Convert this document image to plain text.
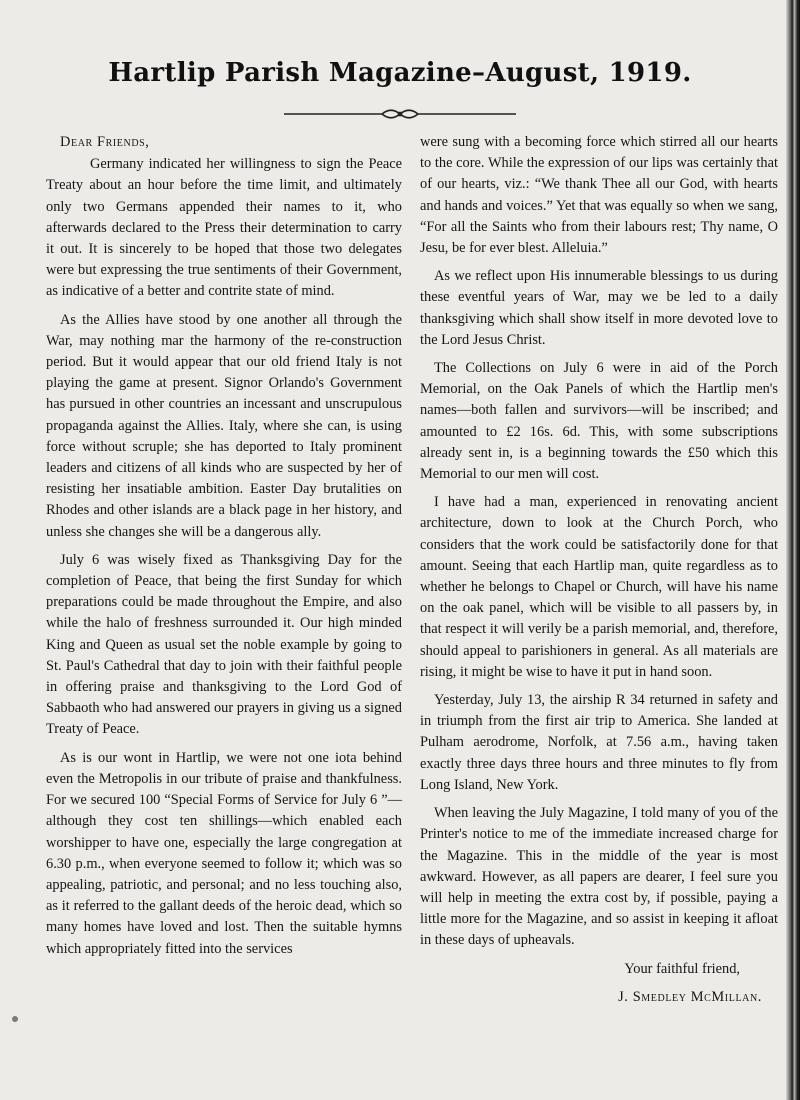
Hartlip Parish Magazine–August, 1919.

Dear Friends,

Germany indicated her willingness to sign the Peace Treaty about an hour before the time limit, and ultimately only two Germans appended their names to it, who afterwards declared to the Press their determination to carry it out. It is sincerely to be hoped that those two delegates were but expressing the true sentiments of their Government, as indicative of a better and contrite state of mind.

As the Allies have stood by one another all through the War, may nothing mar the harmony of the re-construction period. But it would appear that our old friend Italy is not playing the game at present. Signor Orlando's Government has pursued in other countries an incessant and unscrupulous propaganda against the Allies. Italy, where she can, is using force without scruple; she has deported to Italy prominent leaders and citizens of all kinds who are suspected by her of resisting her insatiable ambition. Easter Day brutalities on Rhodes and other islands are a black page in her history, and unless she changes she will be a dangerous ally.

July 6 was wisely fixed as Thanksgiving Day for the completion of Peace, that being the first Sunday for which preparations could be made throughout the Empire, and also while the halo of freshness surrounded it. Our high minded King and Queen as usual set the noble example by going to St. Paul's Cathedral that day to join with their faithful people in offering praise and thanksgiving to the Lord God of Sabbaoth who had answered our prayers in giving us a signed Treaty of Peace.

As is our wont in Hartlip, we were not one iota behind even the Metropolis in our tribute of praise and thankfulness. For we secured 100 “Special Forms of Service for July 6 ”—although they cost ten shillings—which enabled each worshipper to have one, especially the large congregation at 6.30 p.m., when everyone seemed to follow it; which was so appealing, patriotic, and personal; and no less touching also, as it referred to the gallant deeds of the heroic dead, which so many homes have loved and lost. Then the suitable hymns which appropriately fitted into the services

were sung with a becoming force which stirred all our hearts to the core. While the expression of our lips was certainly that of our hearts, viz.: “We thank Thee all our God, with hearts and hands and voices.” Yet that was equally so when we sang, “For all the Saints who from their labours rest; Thy name, O Jesu, be for ever blest. Alleluia.”

As we reflect upon His innumerable blessings to us during these eventful years of War, may we be led to a daily thanksgiving which shall show itself in more devoted love to the Lord Jesus Christ.

The Collections on July 6 were in aid of the Porch Memorial, on the Oak Panels of which the Hartlip men's names—both fallen and survivors—will be inscribed; and amounted to £2 16s. 6d. This, with some subscriptions already sent in, is a beginning towards the £50 which this Memorial to our men will cost.

I have had a man, experienced in renovating ancient architecture, down to look at the Church Porch, who considers that the work could be satisfactorily done for that amount. Seeing that each Hartlip man, quite regardless as to whether he belongs to Chapel or Church, will have his name on the oak panel, which will be visible to all passers by, in that respect it will verily be a parish memorial, and, therefore, should appeal to parishioners in general. As all materials are rising, it might be wise to have it put in hand soon.

Yesterday, July 13, the airship R 34 returned in safety and in triumph from the first air trip to America. She landed at Pulham aerodrome, Norfolk, at 7.56 a.m., having taken exactly three days three hours and three minutes to fly from Long Island, New York.

When leaving the July Magazine, I told many of you of the Printer's notice to me of the immediate increased charge for the Magazine. This in the middle of the year is most awkward. However, as all papers are dearer, I feel sure you will help in meeting the extra cost by, if possible, paying a little more for the Magazine, and so assist in keeping it afloat in these days of upheavals.

Your faithful friend,

J. Smedley McMillan.
